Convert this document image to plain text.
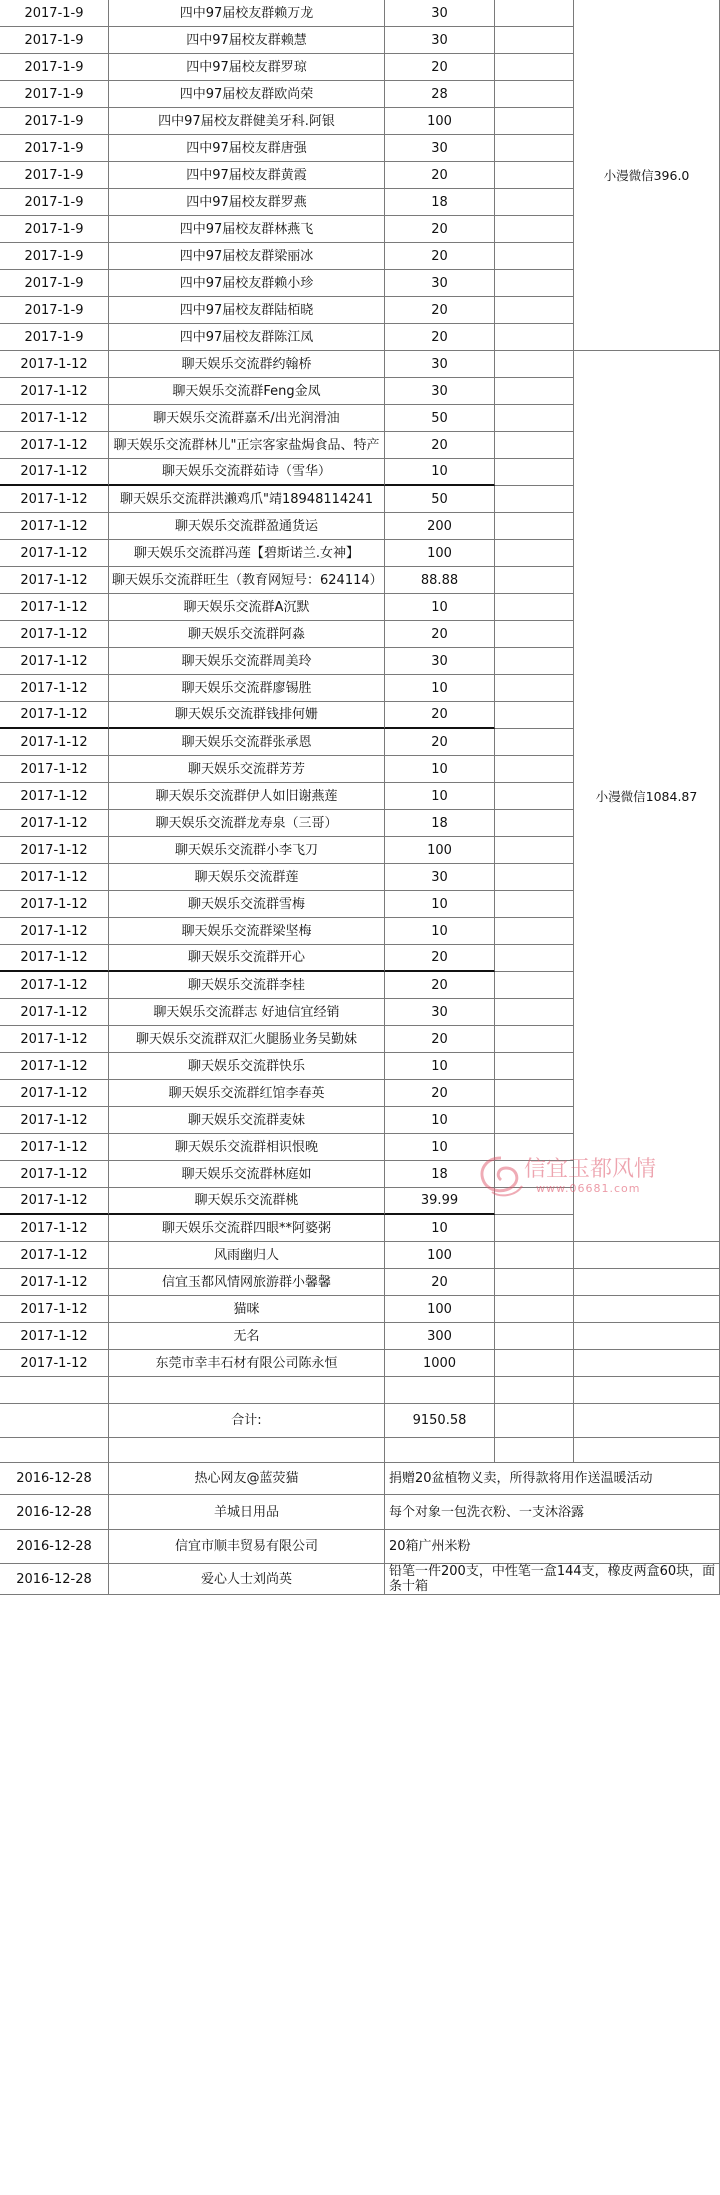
2017-1-9	四中97届校友群赖万龙	30
2017-1-9	四中97届校友群赖慧	30
2017-1-9	四中97届校友群罗琼	20
2017-1-9	四中97届校友群欧尚荣	28
2017-1-9	四中97届校友群健美牙科.阿银	100
2017-1-9	四中97届校友群唐强	30
2017-1-9	四中97届校友群黄霞	20
2017-1-9	四中97届校友群罗燕	18
2017-1-9	四中97届校友群林燕飞	20
2017-1-9	四中97届校友群梁丽冰	20
2017-1-9	四中97届校友群赖小珍	30
2017-1-9	四中97届校友群陆栢晓	20
2017-1-9	四中97届校友群陈江凤	20
小漫微信396.0
2017-1-12	聊天娱乐交流群约翰桥	30
2017-1-12	聊天娱乐交流群Feng金凤	30
2017-1-12	聊天娱乐交流群嘉禾/出光润滑油	50
2017-1-12	聊天娱乐交流群林儿"正宗客家盐焗食品、特产	20
2017-1-12	聊天娱乐交流群茹诗（雪华）	10
2017-1-12	聊天娱乐交流群洪濑鸡爪"靖18948114241	50
2017-1-12	聊天娱乐交流群盈通货运	200
2017-1-12	聊天娱乐交流群冯莲【碧斯诺兰.女神】	100
2017-1-12	聊天娱乐交流群旺生（教育网短号：624114）	88.88
2017-1-12	聊天娱乐交流群A沉默	10
2017-1-12	聊天娱乐交流群阿淼	20
2017-1-12	聊天娱乐交流群周美玲	30
2017-1-12	聊天娱乐交流群廖锡胜	10
2017-1-12	聊天娱乐交流群钱排何姗	20
2017-1-12	聊天娱乐交流群张承恩	20
2017-1-12	聊天娱乐交流群芳芳	10
2017-1-12	聊天娱乐交流群伊人如旧谢燕莲	10
2017-1-12	聊天娱乐交流群龙寿泉（三哥）	18
2017-1-12	聊天娱乐交流群小李飞刀	100
2017-1-12	聊天娱乐交流群莲	30
2017-1-12	聊天娱乐交流群雪梅	10
2017-1-12	聊天娱乐交流群梁坚梅	10
2017-1-12	聊天娱乐交流群开心	20
2017-1-12	聊天娱乐交流群李桂	20
2017-1-12	聊天娱乐交流群志 好迪信宜经销	30
2017-1-12	聊天娱乐交流群双汇火腿肠业务吴勤妹	20
2017-1-12	聊天娱乐交流群快乐	10
2017-1-12	聊天娱乐交流群红馆李春英	20
2017-1-12	聊天娱乐交流群麦妹	10
2017-1-12	聊天娱乐交流群相识恨晚	10
2017-1-12	聊天娱乐交流群林庭如	18
2017-1-12	聊天娱乐交流群桃	39.99
2017-1-12	聊天娱乐交流群四眼**阿婆粥	10
小漫微信1084.87
2017-1-12	风雨幽归人	100
2017-1-12	信宜玉都风情网旅游群小馨馨	20
2017-1-12	猫咪	100
2017-1-12	无名	300
2017-1-12	东莞市幸丰石材有限公司陈永恒	1000
合计:	9150.58
2016-12-28	热心网友@蓝荧猫	捐赠20盆植物义卖，所得款将用作送温暖活动
2016-12-28	羊城日用品	每个对象一包洗衣粉、一支沐浴露
2016-12-28	信宜市顺丰贸易有限公司	20箱广州米粉
2016-12-28	爱心人士刘尚英	铅笔一件200支，中性笔一盒144支，橡皮两盒60块，面条十箱
信宜玉都风情
www.06681.com
